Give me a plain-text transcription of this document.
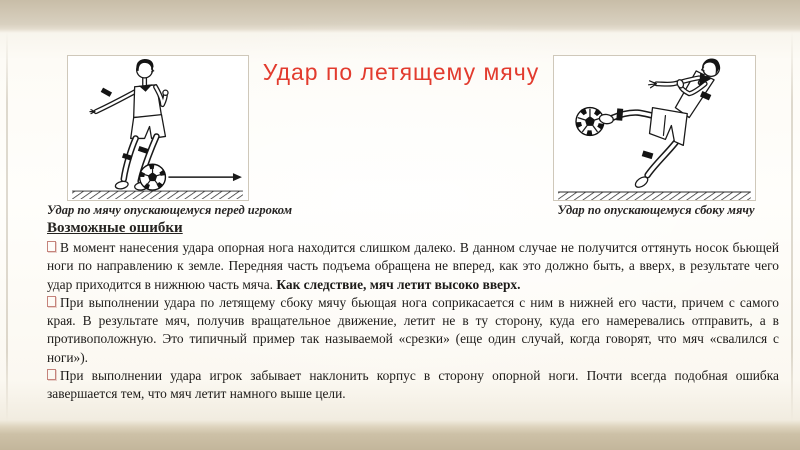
Удар по летящему мячу
Удар по мячу опускающемуся перед игроком	Удар по опускающемуся сбоку мячу
Возможные ошибки

В момент нанесения удара опорная нога находится слишком далеко. В данном случае не получится оттянуть носок бьющей ноги по направлению к земле. Передняя часть подъема обращена не вперед, как это должно быть, а вверх, в результате чего удар приходится в нижнюю часть мяча. Как следствие, мяч летит высоко вверх.

При выполнении удара по летящему сбоку мячу бьющая нога соприкасается с ним в нижней его части, причем с самого края. В результате мяч, получив вращательное движение, летит не в ту сторону, куда его намеревались отправить, а в противоположную. Это типичный пример так называемой «срезки» (еще один случай, когда говорят, что мяч «свалился с ноги»).

При выполнении удара игрок забывает наклонить корпус в сторону опорной ноги. Почти всегда подобная ошибка завершается тем, что мяч летит намного выше цели.
